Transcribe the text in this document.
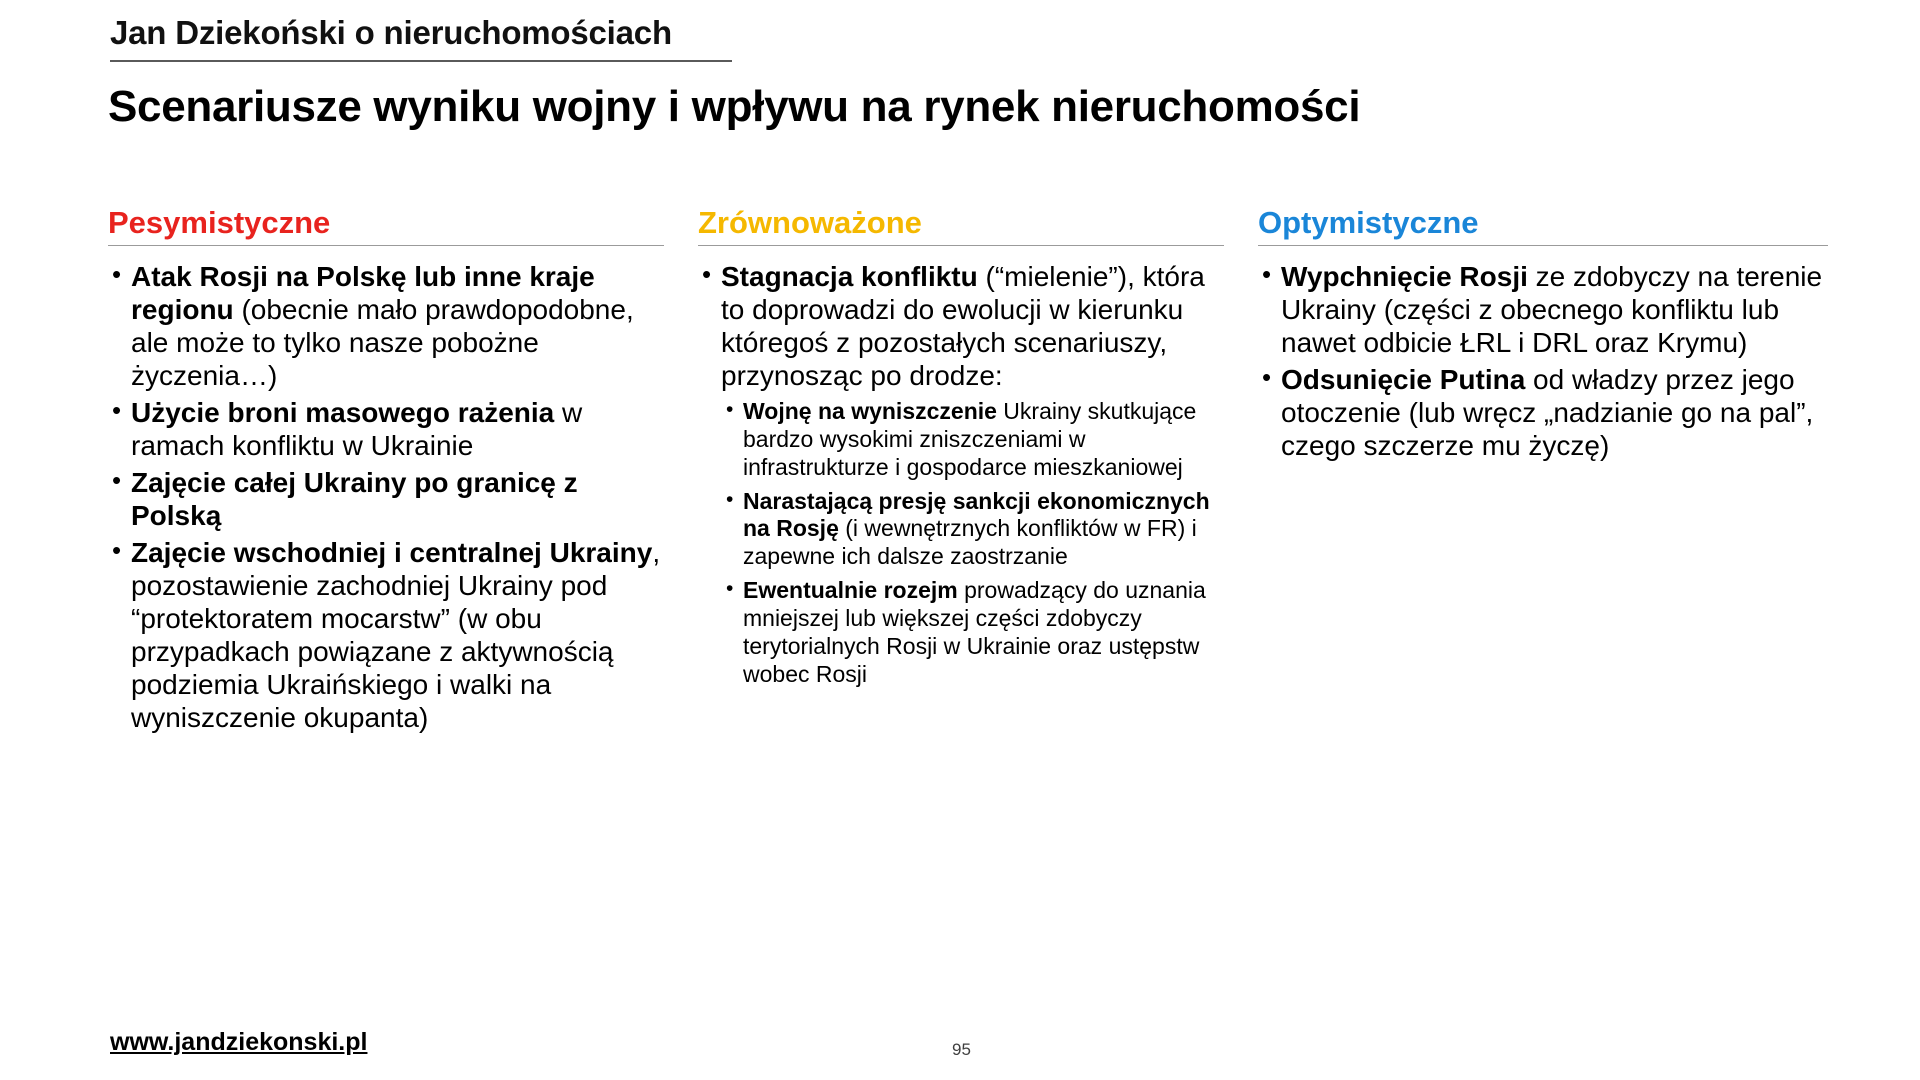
Jan Dziekoński o nieruchomościach
Scenariusze wyniku wojny i wpływu na rynek nieruchomości
Pesymistyczne
• Atak Rosji na Polskę lub inne kraje regionu (obecnie mało prawdopodobne, ale może to tylko nasze pobożne życzenia…)
• Użycie broni masowego rażenia w ramach konfliktu w Ukrainie
• Zajęcie całej Ukrainy po granicę z Polską
• Zajęcie wschodniej i centralnej Ukrainy, pozostawienie zachodniej Ukrainy pod “protektoratem mocarstw” (w obu przypadkach powiązane z aktywnością podziemia Ukraińskiego i walki na wyniszczenie okupanta)
Zrównoważone
• Stagnacja konfliktu (“mielenie”), która to doprowadzi do ewolucji w kierunku któregoś z pozostałych scenariuszy, przynosząc po drodze:
• Wojnę na wyniszczenie Ukrainy skutkujące bardzo wysokimi zniszczeniami w infrastrukturze i gospodarce mieszkaniowej
• Narastającą presję sankcji ekonomicznych na Rosję (i wewnętrznych konfliktów w FR) i zapewne ich dalsze zaostrzanie
• Ewentualnie rozejm prowadzący do uznania mniejszej lub większej części zdobyczy terytorialnych Rosji w Ukrainie oraz ustępstw wobec Rosji
Optymistyczne
• Wypchnięcie Rosji ze zdobyczy na terenie Ukrainy (części z obecnego konfliktu lub nawet odbicie ŁRL i DRL oraz Krymu)
• Odsunięcie Putina od władzy przez jego otoczenie (lub wręcz „nadzianie go na pal”, czego szczerze mu życzę)
www.jandziekonski.pl	95
